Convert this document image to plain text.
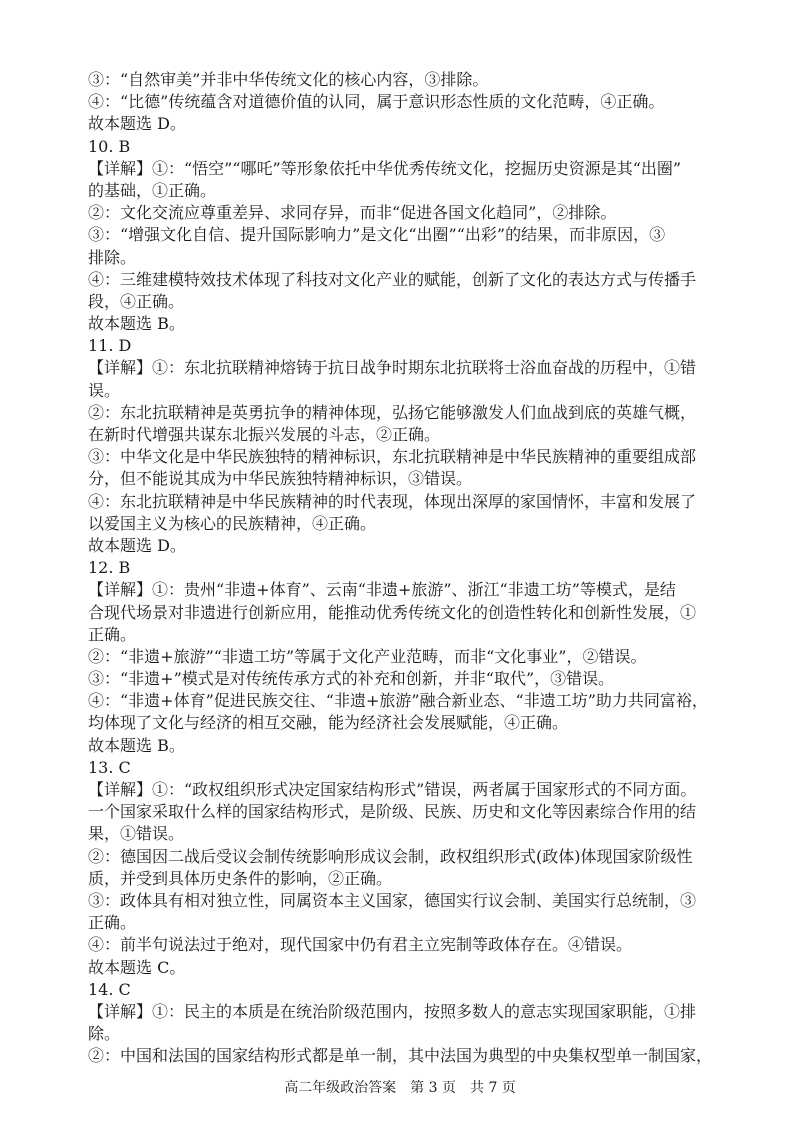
③：“自然审美”并非中华传统文化的核心内容，③排除。
④：“比德”传统蕴含对道德价值的认同，属于意识形态性质的文化范畴，④正确。
故本题选 D。
10. B
【详解】①：“悟空”“哪吒”等形象依托中华优秀传统文化，挖掘历史资源是其“出圈”
的基础，①正确。
②：文化交流应尊重差异、求同存异，而非“促进各国文化趋同”，②排除。
③：“增强文化自信、提升国际影响力”是文化“出圈”“出彩”的结果，而非原因，③
排除。
④：三维建模特效技术体现了科技对文化产业的赋能，创新了文化的表达方式与传播手
段，④正确。
故本题选 B。
11. D
【详解】①：东北抗联精神熔铸于抗日战争时期东北抗联将士浴血奋战的历程中，①错
误。
②：东北抗联精神是英勇抗争的精神体现，弘扬它能够激发人们血战到底的英雄气概，
在新时代增强共谋东北振兴发展的斗志，②正确。
③：中华文化是中华民族独特的精神标识，东北抗联精神是中华民族精神的重要组成部
分，但不能说其成为中华民族独特精神标识，③错误。
④：东北抗联精神是中华民族精神的时代表现，体现出深厚的家国情怀，丰富和发展了
以爱国主义为核心的民族精神，④正确。
故本题选 D。
12. B
【详解】①：贵州“非遗+体育”、云南“非遗+旅游”、浙江“非遗工坊”等模式，是结
合现代场景对非遗进行创新应用，能推动优秀传统文化的创造性转化和创新性发展，①
正确。
②：“非遗+旅游”“非遗工坊”等属于文化产业范畴，而非“文化事业”，②错误。
③：“非遗+”模式是对传统传承方式的补充和创新，并非“取代”，③错误。
④：“非遗+体育”促进民族交往、“非遗+旅游”融合新业态、“非遗工坊”助力共同富裕，
均体现了文化与经济的相互交融，能为经济社会发展赋能，④正确。
故本题选 B。
13. C
【详解】①：“政权组织形式决定国家结构形式”错误，两者属于国家形式的不同方面。
一个国家采取什么样的国家结构形式，是阶级、民族、历史和文化等因素综合作用的结
果，①错误。
②：德国因二战后受议会制传统影响形成议会制，政权组织形式(政体)体现国家阶级性
质，并受到具体历史条件的影响，②正确。
③：政体具有相对独立性，同属资本主义国家，德国实行议会制、美国实行总统制，③
正确。
④：前半句说法过于绝对，现代国家中仍有君主立宪制等政体存在。④错误。
故本题选 C。
14. C
【详解】①：民主的本质是在统治阶级范围内，按照多数人的意志实现国家职能，①排
除。
②：中国和法国的国家结构形式都是单一制，其中法国为典型的中央集权型单一制国家，
高二年级政治答案　第 3 页　共 7 页
